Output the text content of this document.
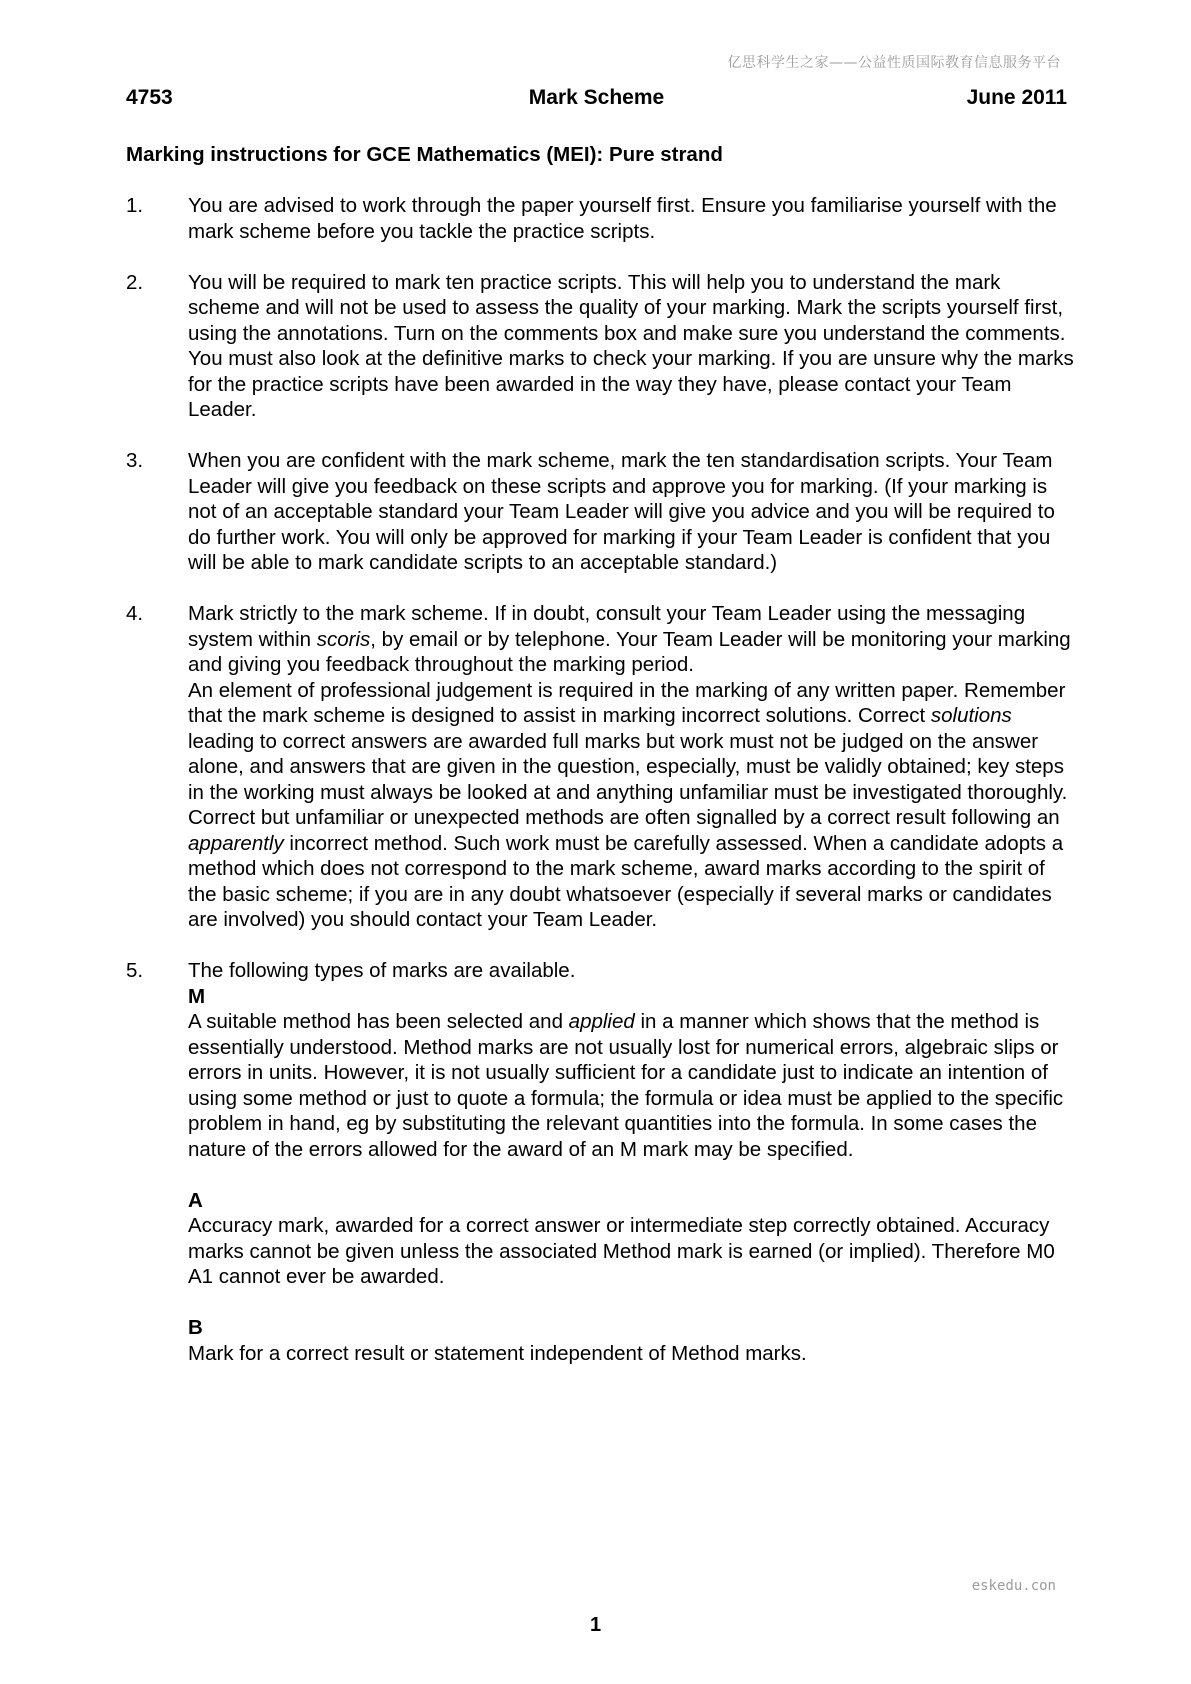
亿思科学生之家——公益性质国际教育信息服务平台
4753	Mark Scheme	June 2011
Marking instructions for GCE Mathematics (MEI): Pure strand
1. You are advised to work through the paper yourself first. Ensure you familiarise yourself with the mark scheme before you tackle the practice scripts.

2. You will be required to mark ten practice scripts. This will help you to understand the mark scheme and will not be used to assess the quality of your marking. Mark the scripts yourself first, using the annotations. Turn on the comments box and make sure you understand the comments. You must also look at the definitive marks to check your marking. If you are unsure why the marks for the practice scripts have been awarded in the way they have, please contact your Team Leader.

3. When you are confident with the mark scheme, mark the ten standardisation scripts. Your Team Leader will give you feedback on these scripts and approve you for marking. (If your marking is not of an acceptable standard your Team Leader will give you advice and you will be required to do further work. You will only be approved for marking if your Team Leader is confident that you will be able to mark candidate scripts to an acceptable standard.)

4. Mark strictly to the mark scheme. If in doubt, consult your Team Leader using the messaging system within scoris, by email or by telephone. Your Team Leader will be monitoring your marking and giving you feedback throughout the marking period.

An element of professional judgement is required in the marking of any written paper. Remember that the mark scheme is designed to assist in marking incorrect solutions. Correct solutions leading to correct answers are awarded full marks but work must not be judged on the answer alone, and answers that are given in the question, especially, must be validly obtained; key steps in the working must always be looked at and anything unfamiliar must be investigated thoroughly.

Correct but unfamiliar or unexpected methods are often signalled by a correct result following an apparently incorrect method. Such work must be carefully assessed. When a candidate adopts a method which does not correspond to the mark scheme, award marks according to the spirit of the basic scheme; if you are in any doubt whatsoever (especially if several marks or candidates are involved) you should contact your Team Leader.

5. The following types of marks are available.

M

A suitable method has been selected and applied in a manner which shows that the method is essentially understood. Method marks are not usually lost for numerical errors, algebraic slips or errors in units. However, it is not usually sufficient for a candidate just to indicate an intention of using some method or just to quote a formula; the formula or idea must be applied to the specific problem in hand, eg by substituting the relevant quantities into the formula. In some cases the nature of the errors allowed for the award of an M mark may be specified.

A

Accuracy mark, awarded for a correct answer or intermediate step correctly obtained. Accuracy marks cannot be given unless the associated Method mark is earned (or implied). Therefore M0 A1 cannot ever be awarded.

B

Mark for a correct result or statement independent of Method marks.

eskedu.con
1
